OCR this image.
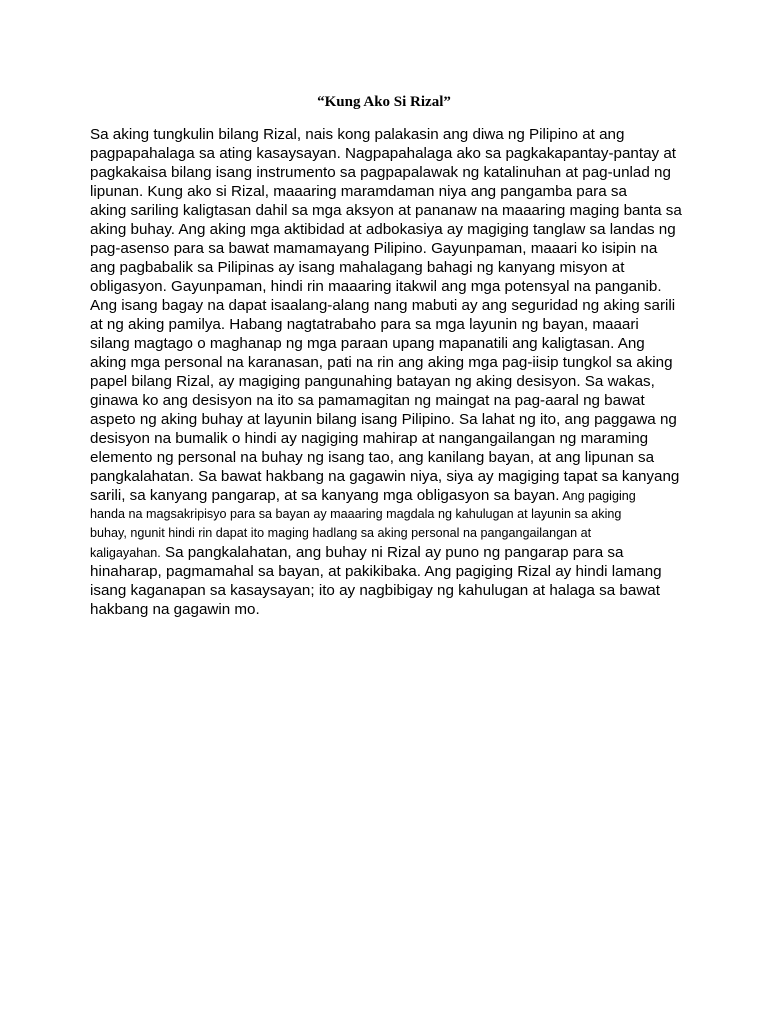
“Kung Ako Si Rizal”
Sa aking tungkulin bilang Rizal, nais kong palakasin ang diwa ng Pilipino at ang
pagpapahalaga sa ating kasaysayan. Nagpapahalaga ako sa pagkakapantay-pantay at
pagkakaisa bilang isang instrumento sa pagpapalawak ng katalinuhan at pag-unlad ng
lipunan. Kung ako si Rizal, maaaring maramdaman niya ang pangamba para sa
aking sariling kaligtasan dahil sa mga aksyon at pananaw na maaaring maging banta sa
aking buhay. Ang aking mga aktibidad at adbokasiya ay magiging tanglaw sa landas ng
pag-asenso para sa bawat mamamayang Pilipino. Gayunpaman, maaari ko isipin na
ang pagbabalik sa Pilipinas ay isang mahalagang bahagi ng kanyang misyon at
obligasyon. Gayunpaman, hindi rin maaaring itakwil ang mga potensyal na panganib.
Ang isang bagay na dapat isaalang-alang nang mabuti ay ang seguridad ng aking sarili
at ng aking pamilya. Habang nagtatrabaho para sa mga layunin ng bayan, maaari
silang magtago o maghanap ng mga paraan upang mapanatili ang kaligtasan. Ang
aking mga personal na karanasan, pati na rin ang aking mga pag-iisip tungkol sa aking
papel bilang Rizal, ay magiging pangunahing batayan ng aking desisyon. Sa wakas,
ginawa ko ang desisyon na ito sa pamamagitan ng maingat na pag-aaral ng bawat
aspeto ng aking buhay at layunin bilang isang Pilipino. Sa lahat ng ito, ang paggawa ng
desisyon na bumalik o hindi ay nagiging mahirap at nangangailangan ng maraming
elemento ng personal na buhay ng isang tao, ang kanilang bayan, at ang lipunan sa
pangkalahatan. Sa bawat hakbang na gagawin niya, siya ay magiging tapat sa kanyang
sarili, sa kanyang pangarap, at sa kanyang mga obligasyon sa bayan. Ang pagiging
handa na magsakripisyo para sa bayan ay maaaring magdala ng kahulugan at layunin sa aking
buhay, ngunit hindi rin dapat ito maging hadlang sa aking personal na pangangailangan at
kaligayahan. Sa pangkalahatan, ang buhay ni Rizal ay puno ng pangarap para sa
hinaharap, pagmamahal sa bayan, at pakikibaka. Ang pagiging Rizal ay hindi lamang
isang kaganapan sa kasaysayan; ito ay nagbibigay ng kahulugan at halaga sa bawat
hakbang na gagawin mo.
